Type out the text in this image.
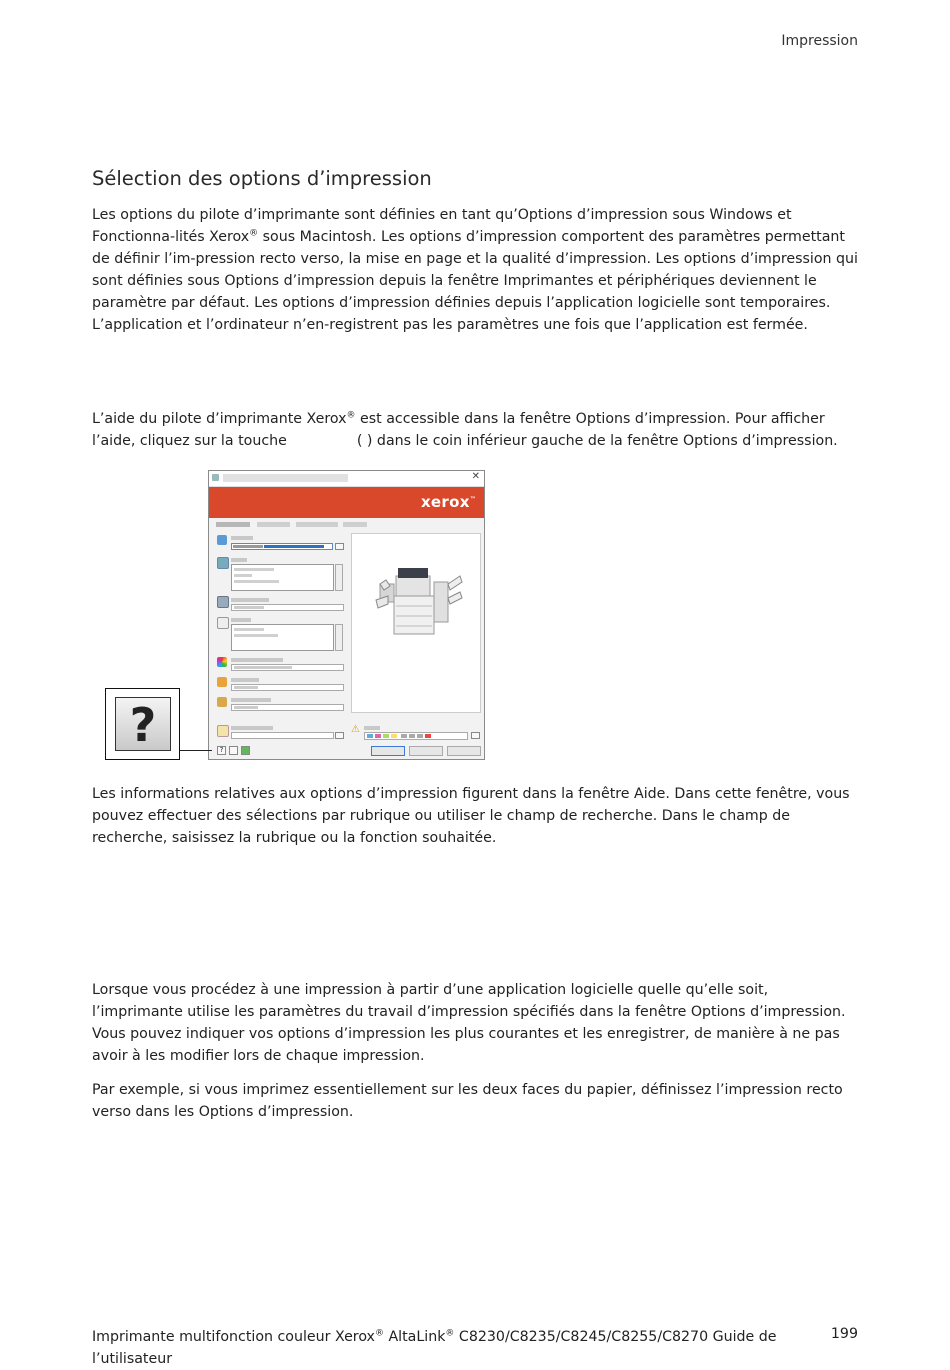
Impression
Sélection des options d’impression

Les options du pilote d’imprimante sont définies en tant qu’Options d’impression sous Windows et Fonctionna-lités Xerox® sous Macintosh. Les options d’impression comportent des paramètres permettant de définir l’im-pression recto verso, la mise en page et la qualité d’impression. Les options d’impression qui sont définies sous Options d’impression depuis la fenêtre Imprimantes et périphériques deviennent le paramètre par défaut. Les options d’impression définies depuis l’application logicielle sont temporaires. L’application et l’ordinateur n’en-registrent pas les paramètres une fois que l’application est fermée.

L’aide du pilote d’imprimante Xerox® est accessible dans la fenêtre Options d’impression. Pour afficher l’aide, cliquez sur la touche	( ) dans le coin inférieur gauche de la fenêtre Options d’impression.

✕
xerox™
⚠
?
?

Les informations relatives aux options d’impression figurent dans la fenêtre Aide. Dans cette fenêtre, vous pouvez effectuer des sélections par rubrique ou utiliser le champ de recherche. Dans le champ de recherche, saisissez la rubrique ou la fonction souhaitée.

Lorsque vous procédez à une impression à partir d’une application logicielle quelle qu’elle soit, l’imprimante utilise les paramètres du travail d’impression spécifiés dans la fenêtre Options d’impression. Vous pouvez indiquer vos options d’impression les plus courantes et les enregistrer, de manière à ne pas avoir à les modifier lors de chaque impression.

Par exemple, si vous imprimez essentiellement sur les deux faces du papier, définissez l’impression recto verso dans les Options d’impression.

Imprimante multifonction couleur Xerox® AltaLink® C8230/C8235/C8245/C8255/C8270 Guide de l’utilisateur

199
